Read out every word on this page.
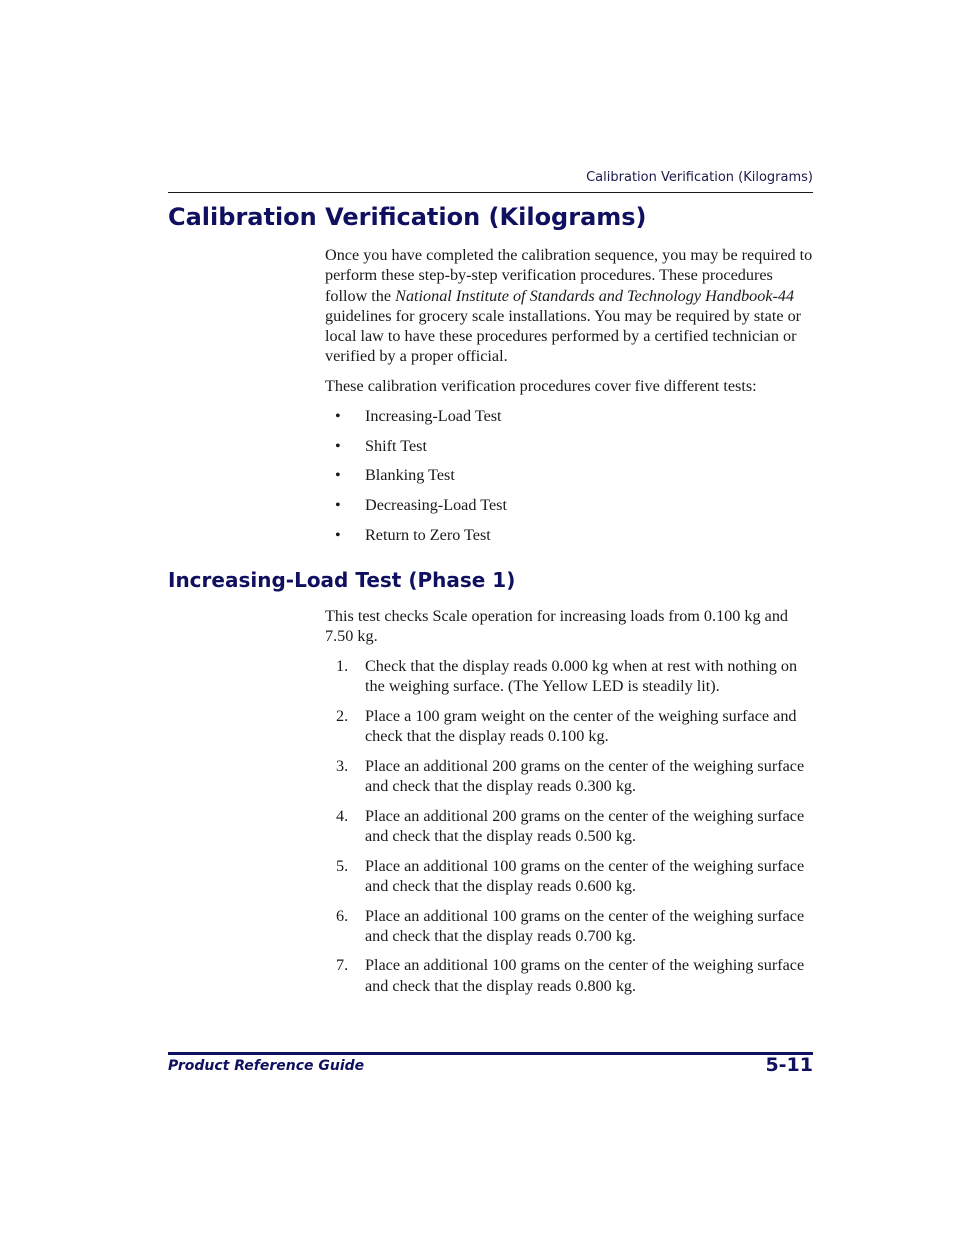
Calibration Verification (Kilograms)
Calibration Verification (Kilograms)

Once you have completed the calibration sequence, you may be required to perform these step-by-step verification procedures. These procedures follow the National Institute of Standards and Technology Handbook-44 guidelines for grocery scale installations. You may be required by state or local law to have these procedures performed by a certified technician or verified by a proper official.

These calibration verification procedures cover five different tests:

• Increasing-Load Test
• Shift Test
• Blanking Test
• Decreasing-Load Test
• Return to Zero Test
Increasing-Load Test (Phase 1)

This test checks Scale operation for increasing loads from 0.100 kg and 7.50 kg.

1. Check that the display reads 0.000 kg when at rest with nothing on the weighing surface. (The Yellow LED is steadily lit).
2. Place a 100 gram weight on the center of the weighing surface and check that the display reads 0.100 kg.
3. Place an additional 200 grams on the center of the weighing surface and check that the display reads 0.300 kg.
4. Place an additional 200 grams on the center of the weighing surface and check that the display reads 0.500 kg.
5. Place an additional 100 grams on the center of the weighing surface and check that the display reads 0.600 kg.
6. Place an additional 100 grams on the center of the weighing surface and check that the display reads 0.700 kg.
7. Place an additional 100 grams on the center of the weighing surface and check that the display reads 0.800 kg.
Product Reference Guide	5-11
